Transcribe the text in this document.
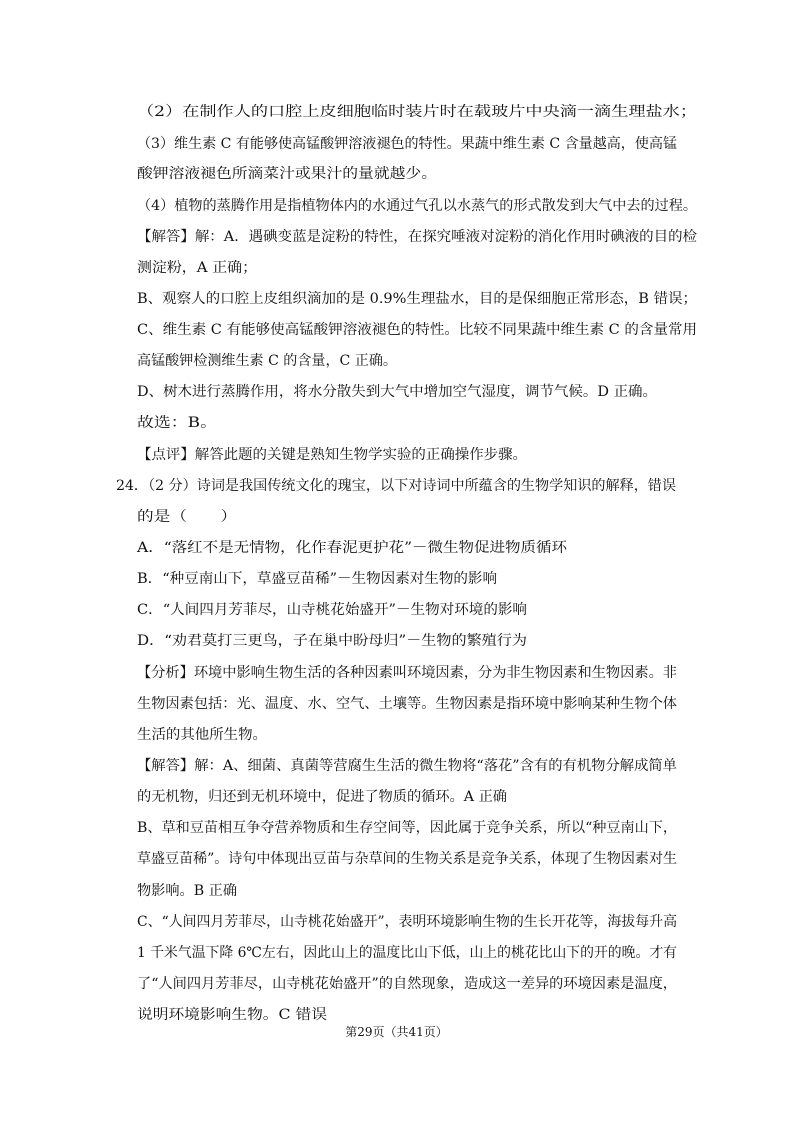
（2）在制作人的口腔上皮细胞临时装片时在载玻片中央滴一滴生理盐水；
（3）维生素 C 有能够使高锰酸钾溶液褪色的特性。果蔬中维生素 C 含量越高，使高锰
酸钾溶液褪色所滴菜汁或果汁的量就越少。
（4）植物的蒸腾作用是指植物体内的水通过气孔以水蒸气的形式散发到大气中去的过程。
【解答】解：A．遇碘变蓝是淀粉的特性，在探究唾液对淀粉的消化作用时碘液的目的检
测淀粉，A 正确；
B、观察人的口腔上皮组织滴加的是 0.9%生理盐水，目的是保细胞正常形态，B 错误；
C、维生素 C 有能够使高锰酸钾溶液褪色的特性。比较不同果蔬中维生素 C 的含量常用
高锰酸钾检测维生素 C 的含量，C 正确。
D、树木进行蒸腾作用，将水分散失到大气中增加空气湿度，调节气候。D 正确。
故选：B。
【点评】解答此题的关键是熟知生物学实验的正确操作步骤。
24．（2 分）诗词是我国传统文化的瑰宝，以下对诗词中所蕴含的生物学知识的解释，错误
的是（　　）
A．“落红不是无情物，化作春泥更护花”－微生物促进物质循环
B．“种豆南山下，草盛豆苗稀”－生物因素对生物的影响
C．“人间四月芳菲尽，山寺桃花始盛开”－生物对环境的影响
D．“劝君莫打三更鸟，子在巢中盼母归”－生物的繁殖行为
【分析】环境中影响生物生活的各种因素叫环境因素，分为非生物因素和生物因素。非
生物因素包括：光、温度、水、空气、土壤等。生物因素是指环境中影响某种生物个体
生活的其他所生物。
【解答】解：A、细菌、真菌等营腐生生活的微生物将“落花”含有的有机物分解成简单
的无机物，归还到无机环境中，促进了物质的循环。A 正确
B、草和豆苗相互争夺营养物质和生存空间等，因此属于竞争关系，所以“种豆南山下，
草盛豆苗稀”。诗句中体现出豆苗与杂草间的生物关系是竞争关系，体现了生物因素对生
物影响。B 正确
C、“人间四月芳菲尽，山寺桃花始盛开”，表明环境影响生物的生长开花等，海拔每升高
1 千米气温下降 6℃左右，因此山上的温度比山下低，山上的桃花比山下的开的晚。才有
了“人间四月芳菲尽，山寺桃花始盛开”的自然现象，造成这一差异的环境因素是温度，
说明环境影响生物。C 错误
第29页（共41页）
